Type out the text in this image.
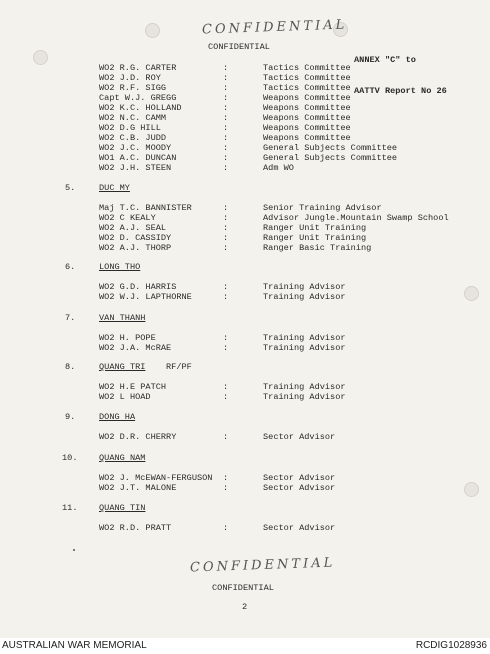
CONFIDENTIAL
CONFIDENTIAL

ANNEX "C" to

AATTV Report No 26

WO2 R.G. CARTER	:	Tactics Committee
WO2 J.D. ROY	:	Tactics Committee
WO2 R.F. SIGG	:	Tactics Committee
Capt W.J. GREGG	:	Weapons Committee
WO2 K.C. HOLLAND	:	Weapons Committee
WO2 N.C. CAMM	:	Weapons Committee
WO2 D.G HILL	:	Weapons Committee
WO2 C.B. JUDD	:	Weapons Committee
WO2 J.C. MOODY	:	General Subjects Committee
WO1 A.C. DUNCAN	:	General Subjects Committee
WO2 J.H. STEEN	:	Adm WO
5.	DUC MY
Maj T.C. BANNISTER	:	Senior Training Advisor
WO2 C KEALY	:	Advisor Jungle.Mountain Swamp School
WO2 A.J. SEAL	:	Ranger Unit Training
WO2 D. CASSIDY	:	Ranger Unit Training
WO2 A.J. THORP	:	Ranger Basic Training
6.	LONG THO
WO2 G.D. HARRIS	:	Training Advisor
WO2 W.J. LAPTHORNE	:	Training Advisor
7.	VAN THANH
WO2 H. POPE	:	Training Advisor
WO2 J.A. McRAE	:	Training Advisor
8.	QUANG TRI RF/PF
WO2 H.E PATCH	:	Training Advisor
WO2 L HOAD	:	Training Advisor
9.	DONG HA
WO2 D.R. CHERRY	:	Sector Advisor
10.	QUANG NAM
WO2 J. McEWAN-FERGUSON :	Sector Advisor
WO2 J.T. MALONE	:	Sector Advisor
11.	QUANG TIN
WO2 R.D. PRATT	:	Sector Advisor
CONFIDENTIAL
CONFIDENTIAL
2
AUSTRALIAN WAR MEMORIAL	RCDIG1028936
